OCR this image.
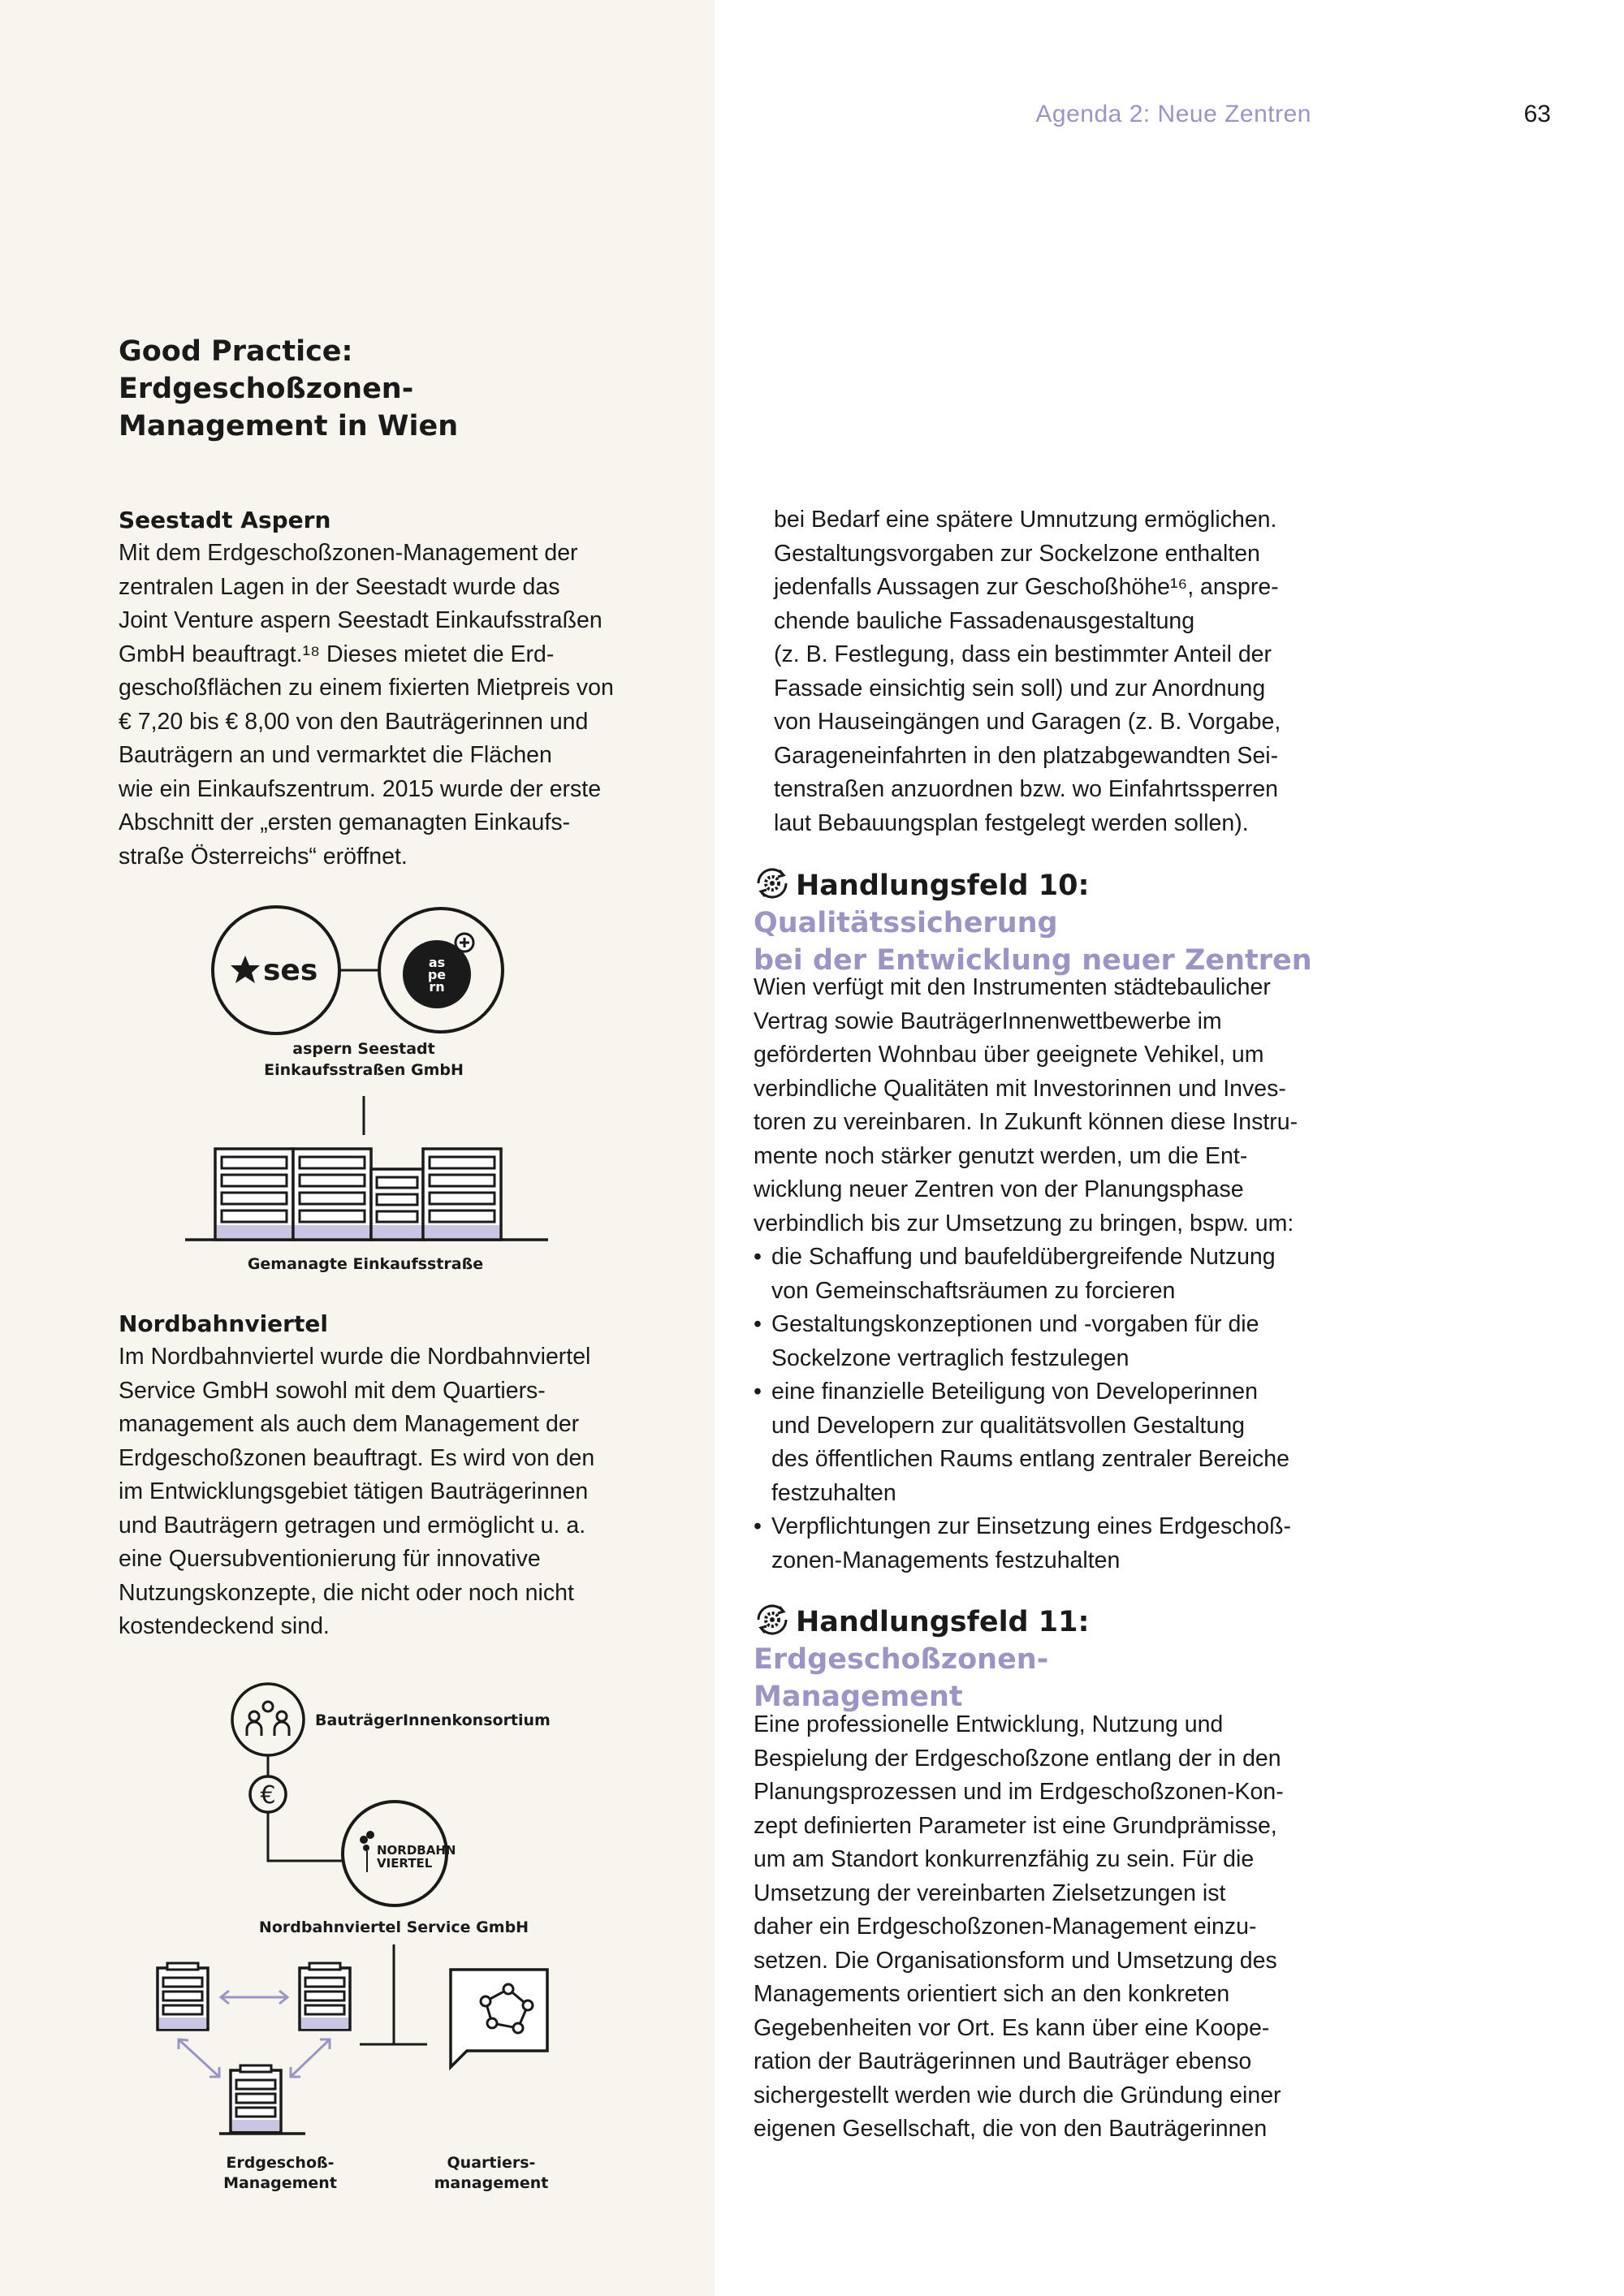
Agenda 2: Neue Zentren	63
Good Practice: Erdgeschoßzonen-
Management in Wien
Seestadt Aspern

Mit dem Erdgeschoßzonen-Management der
zentralen Lagen in der Seestadt wurde das
Joint Venture aspern Seestadt Einkaufsstraßen
GmbH beauftragt.¹⁸ Dieses mietet die Erd-
geschoßflächen zu einem fixierten Mietpreis von
€ 7,20 bis € 8,00 von den Bauträgerinnen und
Bauträgern an und vermarktet die Flächen
wie ein Einkaufszentrum. 2015 wurde der erste
Abschnitt der „ersten gemanagten Einkaufs-
straße Österreichs“ eröffnet.

ses	as
pe
rn
aspern Seestadt
Einkaufsstraßen GmbH
Gemanagte Einkaufsstraße
Nordbahnviertel

Im Nordbahnviertel wurde die Nordbahnviertel
Service GmbH sowohl mit dem Quartiers-
management als auch dem Management der
Erdgeschoßzonen beauftragt. Es wird von den
im Entwicklungsgebiet tätigen Bauträgerinnen
und Bauträgern getragen und ermöglicht u. a.
eine Quersubventionierung für innovative
Nutzungskonzepte, die nicht oder noch nicht
kostendeckend sind.

BauträgerInnenkonsortium
€
NORDBAHN
VIERTEL
Nordbahnviertel Service GmbH
Erdgeschoß-
Management
Quartiers-
management

bei Bedarf eine spätere Umnutzung ermöglichen.
Gestaltungsvorgaben zur Sockelzone enthalten
jedenfalls Aussagen zur Geschoßhöhe¹⁶, anspre-
chende bauliche Fassadenausgestaltung
(z. B. Festlegung, dass ein bestimmter Anteil der
Fassade einsichtig sein soll) und zur Anordnung
von Hauseingängen und Garagen (z. B. Vorgabe,
Garageneinfahrten in den platzabgewandten Sei-
tenstraßen anzuordnen bzw. wo Einfahrtssperren
laut Bebauungsplan festgelegt werden sollen).

Handlungsfeld 10: Qualitätssicherung
bei der Entwicklung neuer Zentren

Wien verfügt mit den Instrumenten städtebaulicher
Vertrag sowie BauträgerInnenwettbewerbe im
geförderten Wohnbau über geeignete Vehikel, um
verbindliche Qualitäten mit Investorinnen und Inves-
toren zu vereinbaren. In Zukunft können diese Instru-
mente noch stärker genutzt werden, um die Ent-
wicklung neuer Zentren von der Planungsphase
verbindlich bis zur Umsetzung zu bringen, bspw. um:

• die Schaffung und baufeldübergreifende Nutzung
von Gemeinschaftsräumen zu forcieren
• Gestaltungskonzeptionen und -vorgaben für die
Sockelzone vertraglich festzulegen
• eine finanzielle Beteiligung von Developerinnen
und Developern zur qualitätsvollen Gestaltung
des öffentlichen Raums entlang zentraler Bereiche
festzuhalten
• Verpflichtungen zur Einsetzung eines Erdgeschoß-
zonen-Managements festzuhalten
Handlungsfeld 11: Erdgeschoßzonen-
Management

Eine professionelle Entwicklung, Nutzung und
Bespielung der Erdgeschoßzone entlang der in den
Planungsprozessen und im Erdgeschoßzonen-Kon-
zept definierten Parameter ist eine Grundprämisse,
um am Standort konkurrenzfähig zu sein. Für die
Umsetzung der vereinbarten Zielsetzungen ist
daher ein Erdgeschoßzonen-Management einzu-
setzen. Die Organisationsform und Umsetzung des
Managements orientiert sich an den konkreten
Gegebenheiten vor Ort. Es kann über eine Koope-
ration der Bauträgerinnen und Bauträger ebenso
sichergestellt werden wie durch die Gründung einer
eigenen Gesellschaft, die von den Bauträgerinnen
